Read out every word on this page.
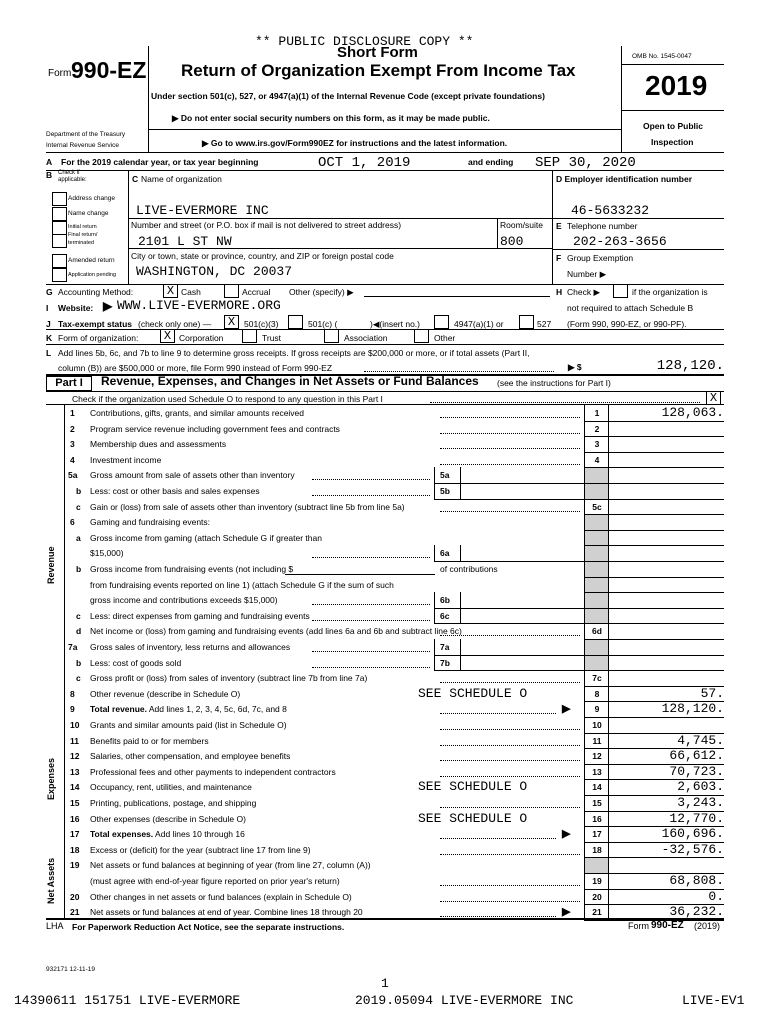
** PUBLIC DISCLOSURE COPY **
Short Form
Return of Organization Exempt From Income Tax
Under section 501(c), 527, or 4947(a)(1) of the Internal Revenue Code (except private foundations)
▶ Do not enter social security numbers on this form, as it may be made public.
▶ Go to www.irs.gov/Form990EZ for instructions and the latest information.
Form 990-EZ
Department of the Treasury
Internal Revenue Service
OMB No. 1545-0047
2019
Open to Public
Inspection
A For the 2019 calendar year, or tax year beginning	OCT 1, 2019	and ending SEP 30, 2020
B Check if
applicable:
Address change
Name change
Initial return
Final return/
terminated
Amended return
Application pending
C Name of organization
LIVE-EVERMORE INC
Number and street (or P.O. box if mail is not delivered to street address)	Room/suite
2101 L ST NW	800
City or town, state or province, country, and ZIP or foreign postal code
WASHINGTON, DC 20037
D Employer identification number
46-5633232
E Telephone number
202-263-3656
F Group Exemption
Number ▶
G Accounting Method:	X Cash	Accrual Other (specify) ▶	H Check ▶	if the organization is
not required to attach Schedule B
(Form 990, 990-EZ, or 990-PF).
I Website: ▶ WWW.LIVE-EVERMORE.ORG
J Tax-exempt status (check only one) —	X	501(c)(3)	501(c) (	)◀(insert no.)	4947(a)(1) or	527
K Form of organization:	X Corporation	Trust	Association	Other
L Add lines 5b, 6c, and 7b to line 9 to determine gross receipts. If gross receipts are $200,000 or more, or if total assets (Part II,
column (B)) are $500,000 or more, file Form 990 instead of Form 990-EZ	▶ $	128,120.
Part I	Revenue, Expenses, and Changes in Net Assets or Fund Balances (see the instructions for Part I)
Check if the organization used Schedule O to respond to any question in this Part I	X
1 Contributions, gifts, grants, and similar amounts received	1	128,063.
2 Program service revenue including government fees and contracts	2
3 Membership dues and assessments	3
4 Investment income	4
5a Gross amount from sale of assets other than inventory	5a
b Less: cost or other basis and sales expenses	5b
c Gain or (loss) from sale of assets other than inventory (subtract line 5b from line 5a)	5c
6 Gaming and fundraising events:
a Gross income from gaming (attach Schedule G if greater than
$15,000)	6a
b Gross income from fundraising events (not including $	of contributions
from fundraising events reported on line 1) (attach Schedule G if the sum of such
gross income and contributions exceeds $15,000)	6b
c Less: direct expenses from gaming and fundraising events	6c
d Net income or (loss) from gaming and fundraising events (add lines 6a and 6b and subtract line 6c)	6d
7a Gross sales of inventory, less returns and allowances	7a
b Less: cost of goods sold	7b
c Gross profit or (loss) from sales of inventory (subtract line 7b from line 7a)	7c
8 Other revenue (describe in Schedule O)	SEE SCHEDULE O	8	57.
9 Total revenue. Add lines 1, 2, 3, 4, 5c, 6d, 7c, and 8	▶	9	128,120.
10 Grants and similar amounts paid (list in Schedule O)	10
11 Benefits paid to or for members	11	4,745.
12 Salaries, other compensation, and employee benefits	12	66,612.
13 Professional fees and other payments to independent contractors	13	70,723.
14 Occupancy, rent, utilities, and maintenance	SEE SCHEDULE O	14	2,603.
15 Printing, publications, postage, and shipping	15	3,243.
16 Other expenses (describe in Schedule O)	SEE SCHEDULE O	16	12,770.
17 Total expenses. Add lines 10 through 16	▶	17	160,696.
18 Excess or (deficit) for the year (subtract line 17 from line 9)	18	-32,576.
19 Net assets or fund balances at beginning of year (from line 27, column (A))
(must agree with end-of-year figure reported on prior year's return)	19	68,808.
20 Other changes in net assets or fund balances (explain in Schedule O)	20	0.
21 Net assets or fund balances at end of year. Combine lines 18 through 20	▶	21	36,232.
Revenue
Expenses
Net Assets
LHA For Paperwork Reduction Act Notice, see the separate instructions.	Form 990-EZ (2019)
932171 12-11-19
1
14390611 151751 LIVE-EVERMORE	2019.05094 LIVE-EVERMORE INC	LIVE-EV1
